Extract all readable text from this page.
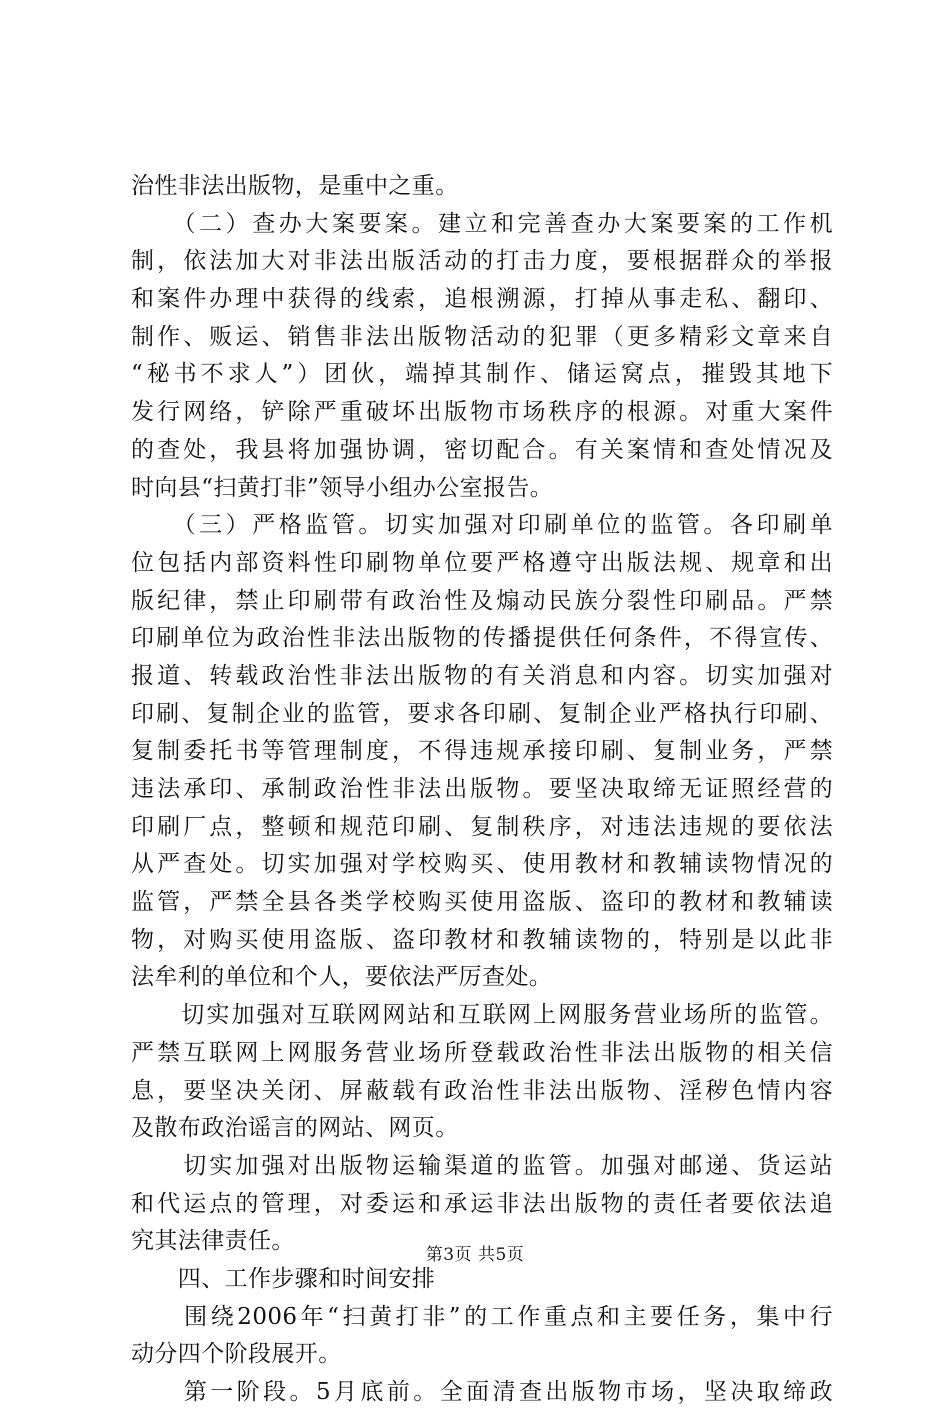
治性非法出版物，是重中之重。
　　（二）查办大案要案。建立和完善查办大案要案的工作机
制，依法加大对非法出版活动的打击力度，要根据群众的举报
和案件办理中获得的线索，追根溯源，打掉从事走私、翻印、
制作、贩运、销售非法出版物活动的犯罪（更多精彩文章来自
“秘书不求人”）团伙，端掉其制作、储运窝点，摧毁其地下
发行网络，铲除严重破坏出版物市场秩序的根源。对重大案件
的查处，我县将加强协调，密切配合。有关案情和查处情况及
时向县“扫黄打非”领导小组办公室报告。
　　（三）严格监管。切实加强对印刷单位的监管。各印刷单
位包括内部资料性印刷物单位要严格遵守出版法规、规章和出
版纪律，禁止印刷带有政治性及煽动民族分裂性印刷品。严禁
印刷单位为政治性非法出版物的传播提供任何条件，不得宣传、
报道、转载政治性非法出版物的有关消息和内容。切实加强对
印刷、复制企业的监管，要求各印刷、复制企业严格执行印刷、
复制委托书等管理制度，不得违规承接印刷、复制业务，严禁
违法承印、承制政治性非法出版物。要坚决取缔无证照经营的
印刷厂点，整顿和规范印刷、复制秩序，对违法违规的要依法
从严查处。切实加强对学校购买、使用教材和教辅读物情况的
监管，严禁全县各类学校购买使用盗版、盗印的教材和教辅读
物，对购买使用盗版、盗印教材和教辅读物的，特别是以此非
法牟利的单位和个人，要依法严厉查处。
　　切实加强对互联网网站和互联网上网服务营业场所的监管。
严禁互联网上网服务营业场所登载政治性非法出版物的相关信
息，要坚决关闭、屏蔽载有政治性非法出版物、淫秽色情内容
及散布政治谣言的网站、网页。
　　切实加强对出版物运输渠道的监管。加强对邮递、货运站
和代运点的管理，对委运和承运非法出版物的责任者要依法追
究其法律责任。
　　四、工作步骤和时间安排
　　围绕2006年“扫黄打非”的工作重点和主要任务，集中行
动分四个阶段展开。
　　第一阶段。5月底前。全面清查出版物市场，坚决取缔政
第3页 共5页
